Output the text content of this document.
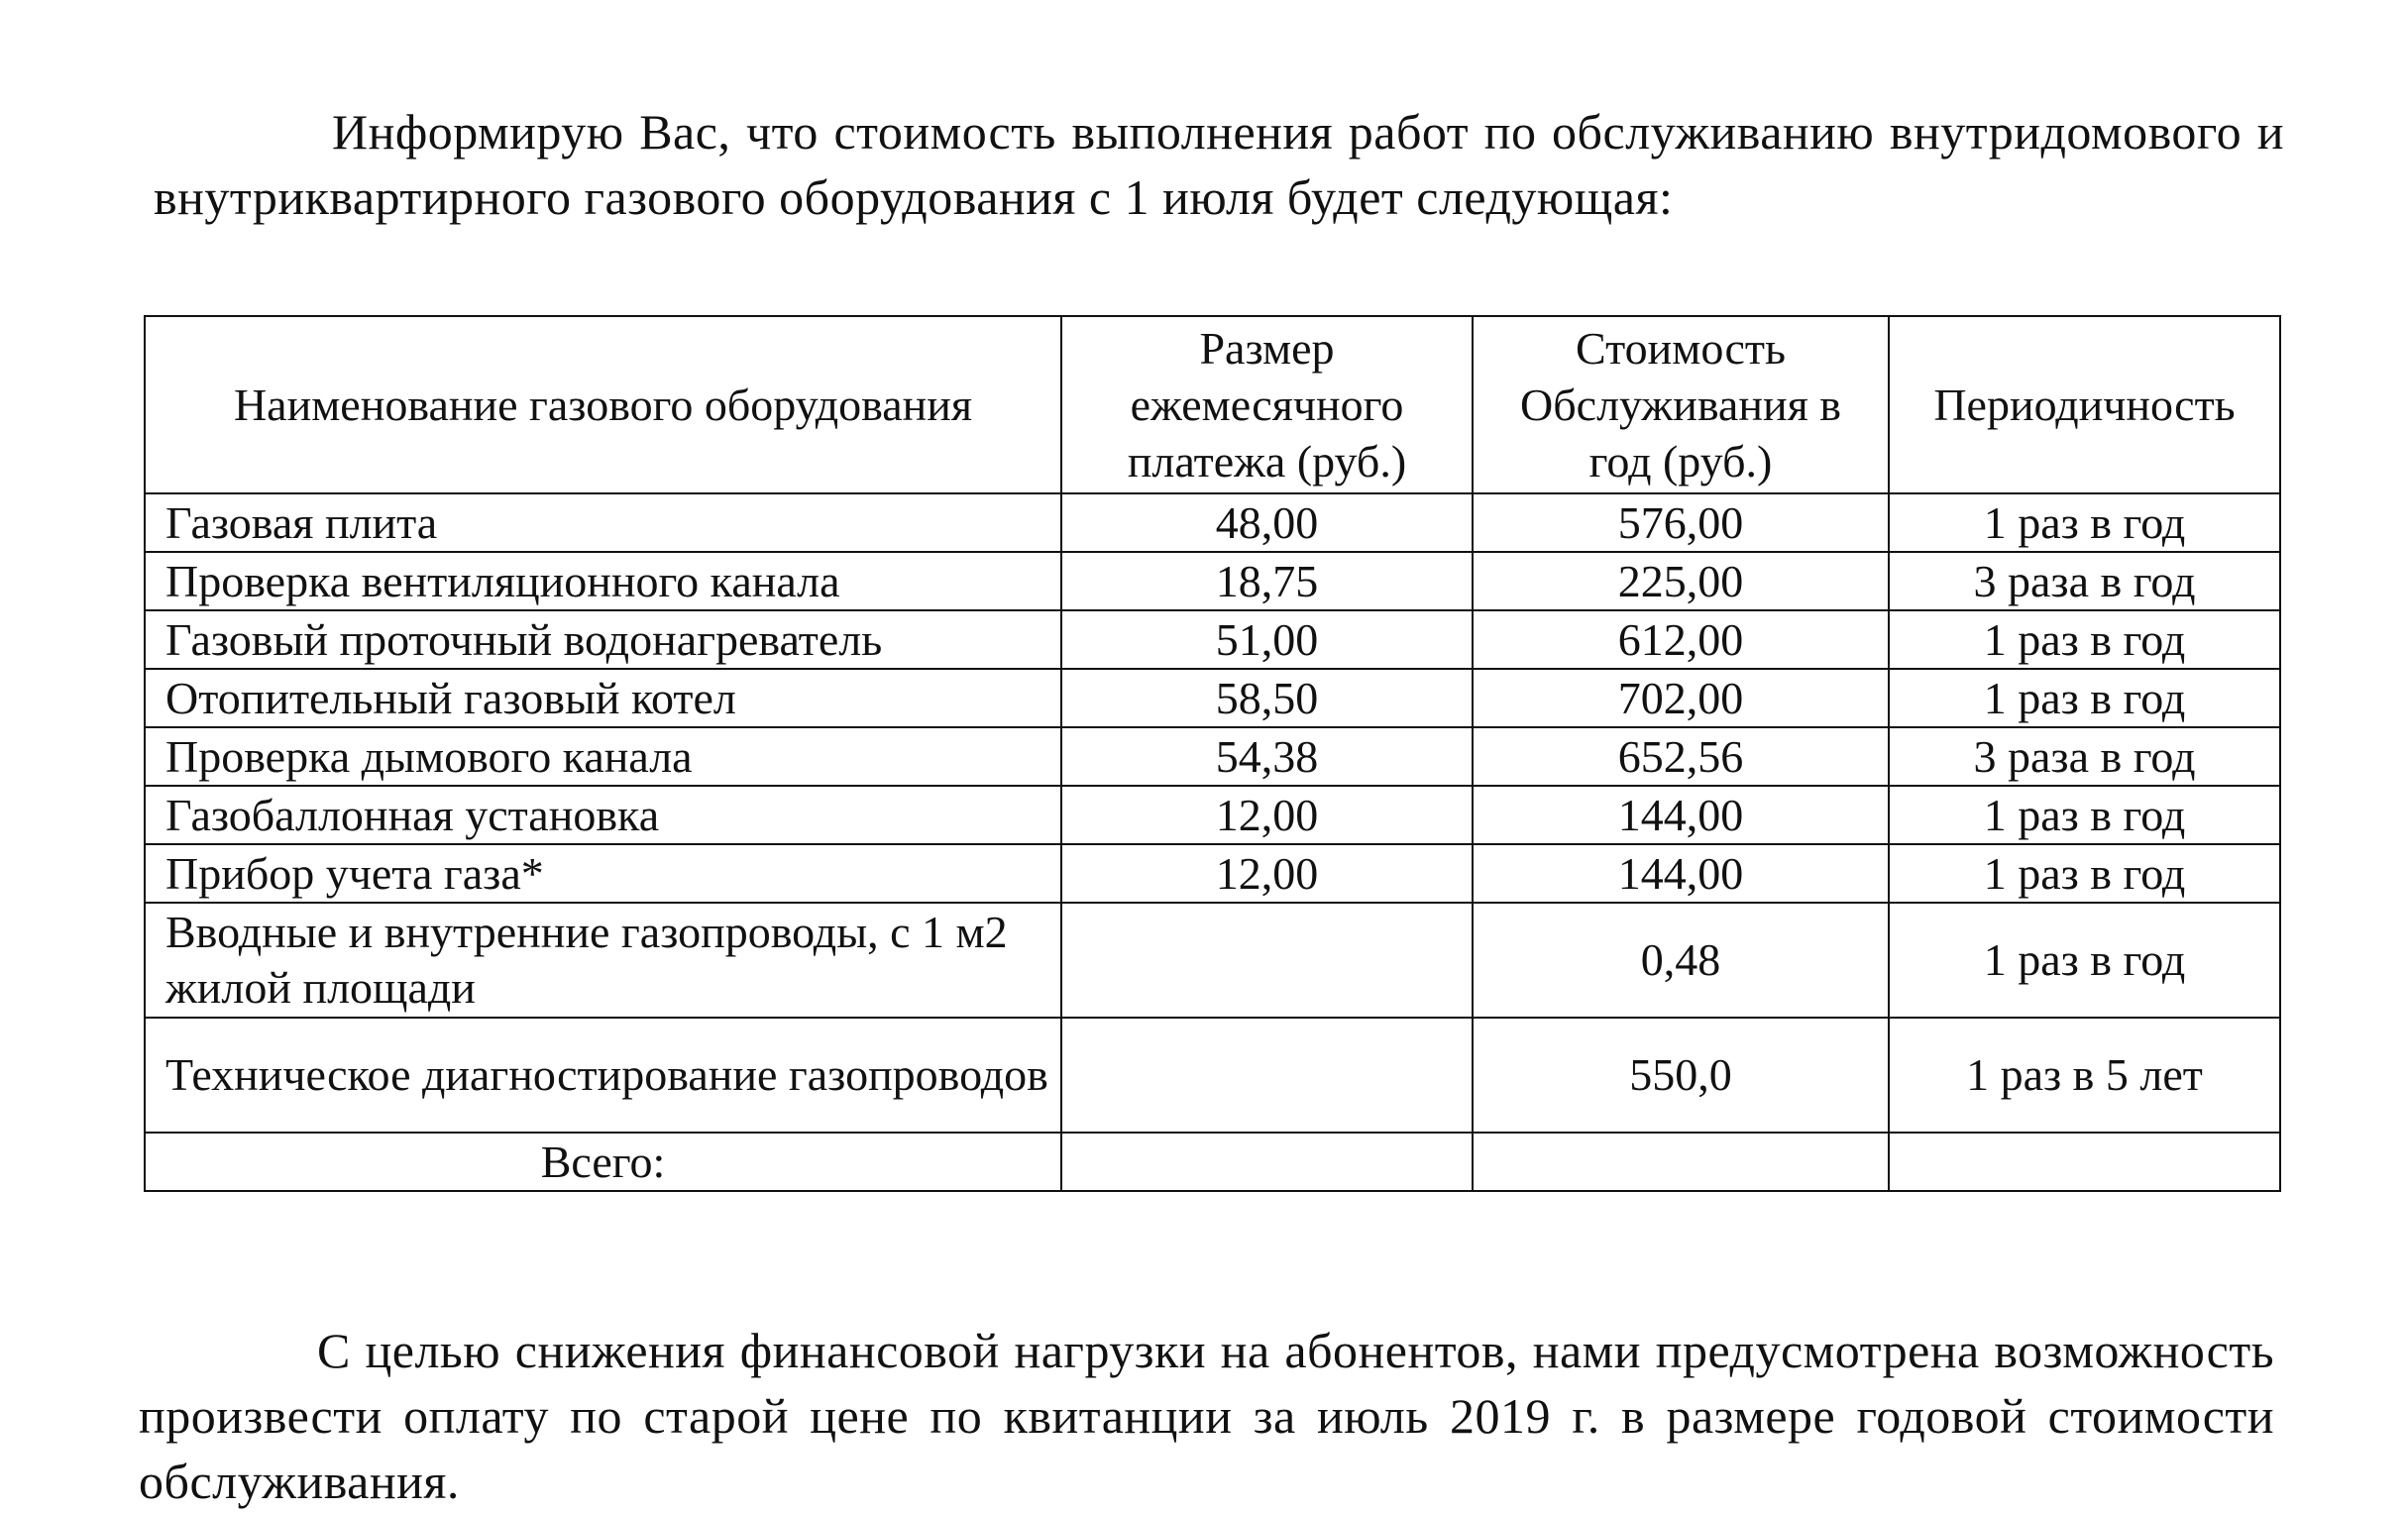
Информирую Вас, что стоимость выполнения работ по обслуживанию внутридомового и внутриквартирного газового оборудования с 1 июля будет следующая:

Наименование газового оборудования	Размер ежемесячного платежа (руб.)	Стоимость Обслуживания в год (руб.)	Периодичность
Газовая плита	48,00	576,00	1 раз в год
Проверка вентиляционного канала	18,75	225,00	3 раза в год
Газовый проточный водонагреватель	51,00	612,00	1 раз в год
Отопительный газовый котел	58,50	702,00	1 раз в год
Проверка дымового канала	54,38	652,56	3 раза в год
Газобаллонная установка	12,00	144,00	1 раз в год
Прибор учета газа*	12,00	144,00	1 раз в год
Вводные и внутренние газопроводы, с 1 м2 жилой площади		0,48	1 раз в год
Техническое диагностирование газопроводов		550,0	1 раз в 5 лет
Всего:			

С целью снижения финансовой нагрузки на абонентов, нами предусмотрена возможность произвести оплату по старой цене по квитанции за июль 2019 г. в размере годовой стоимости обслуживания.
